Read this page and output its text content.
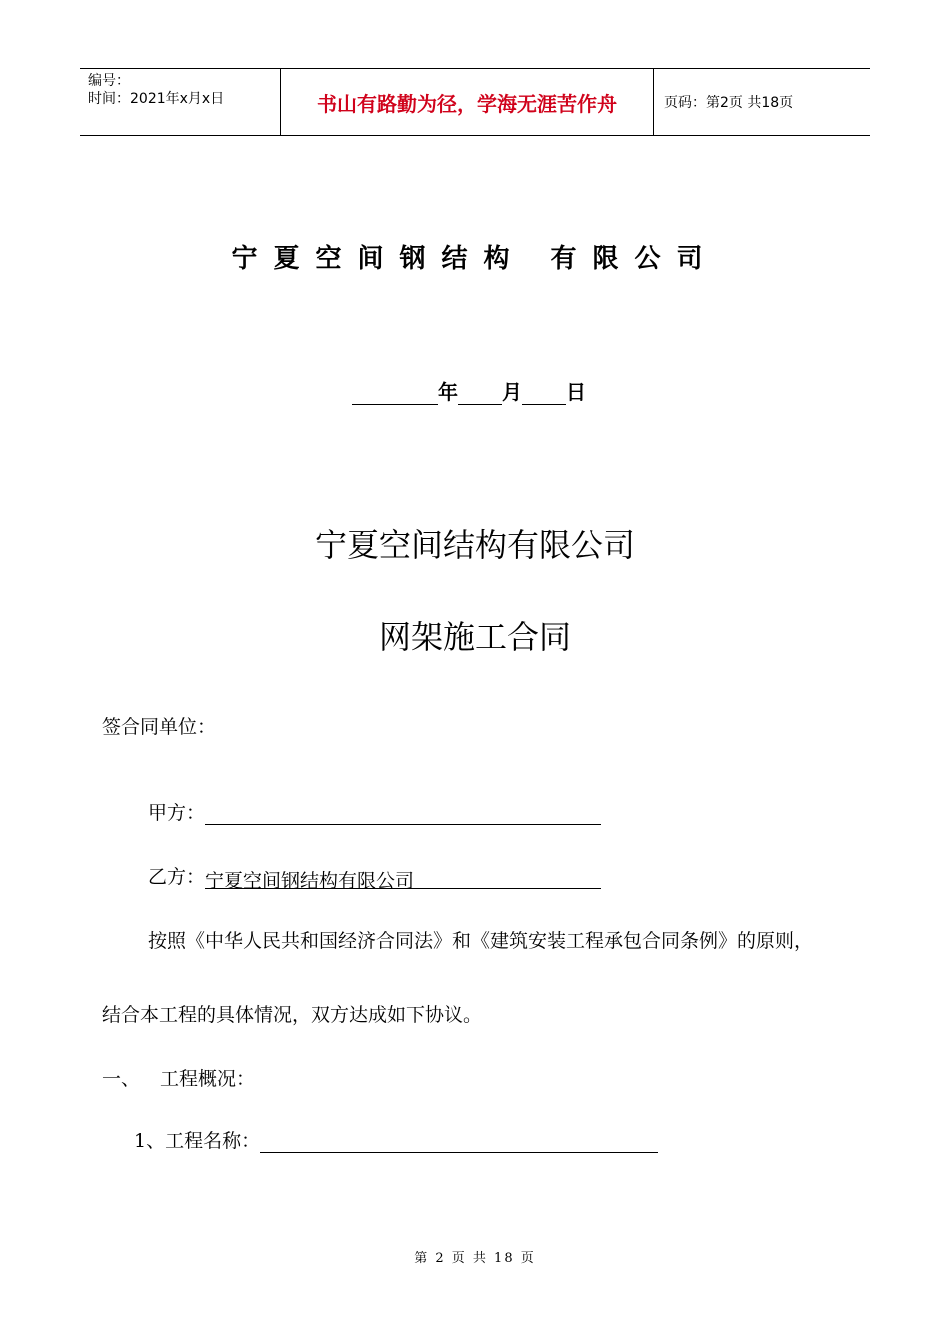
编号：
时间：2021年x月x日	书山有路勤为径，学海无涯苦作舟	页码：第2页 共18页
宁夏空间钢结构 有限公司
年 月 日
宁夏空间结构有限公司
网架施工合同
签合同单位：
甲方：
乙方：宁夏空间钢结构有限公司
按照《中华人民共和国经济合同法》和《建筑安装工程承包合同条例》的原则，
结合本工程的具体情况，双方达成如下协议。
一、 工程概况：
1、工程名称：
第 2 页 共 18 页
